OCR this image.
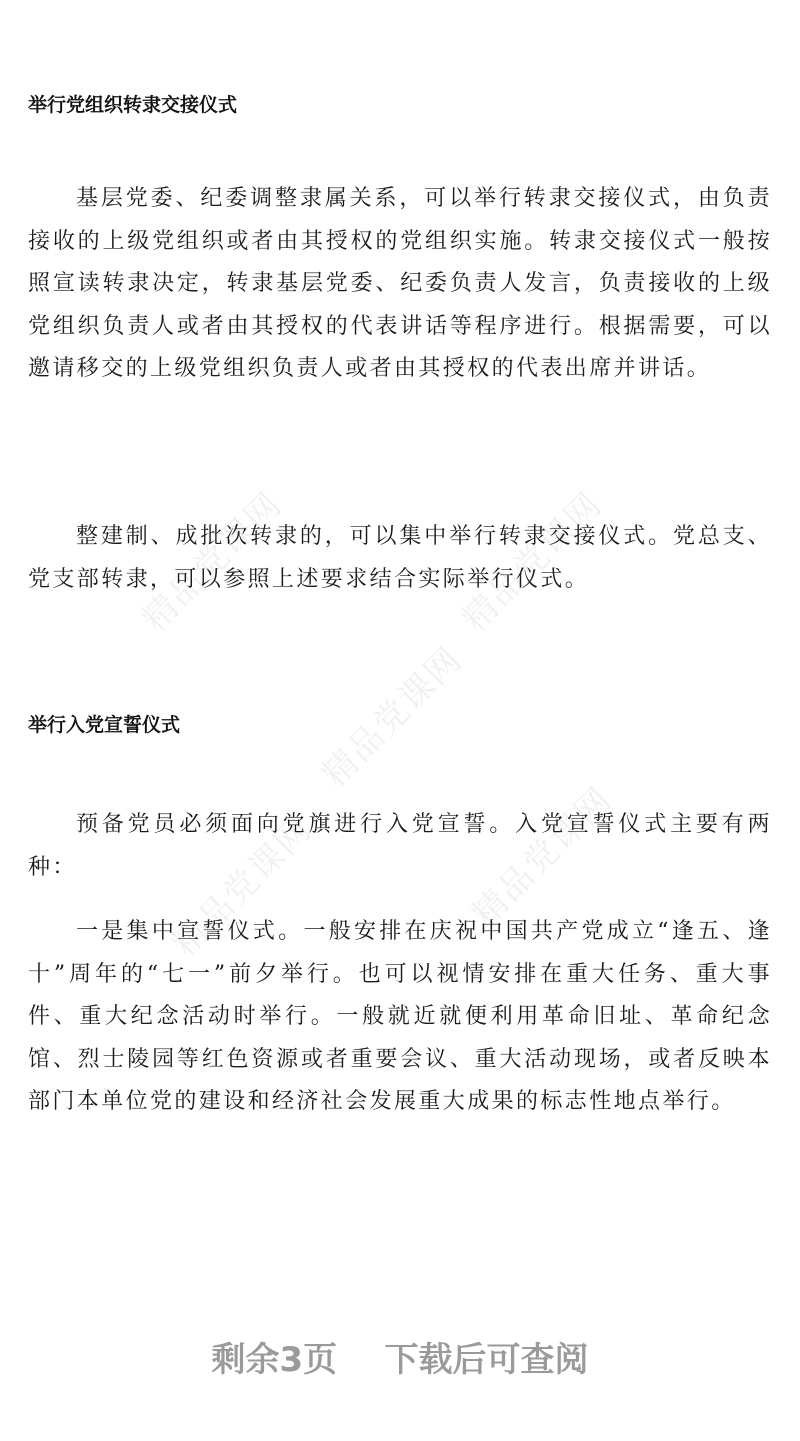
精品党课网	精品党课网
精品党课网
精品党课网	精品党课网
举行党组织转隶交接仪式

基层党委、纪委调整隶属关系，可以举行转隶交接仪式，由负责接收的上级党组织或者由其授权的党组织实施。转隶交接仪式一般按照宣读转隶决定，转隶基层党委、纪委负责人发言，负责接收的上级党组织负责人或者由其授权的代表讲话等程序进行。根据需要，可以邀请移交的上级党组织负责人或者由其授权的代表出席并讲话。

整建制、成批次转隶的，可以集中举行转隶交接仪式。党总支、党支部转隶，可以参照上述要求结合实际举行仪式。

举行入党宣誓仪式

预备党员必须面向党旗进行入党宣誓。入党宣誓仪式主要有两种：

一是集中宣誓仪式。一般安排在庆祝中国共产党成立“逢五、逢十”周年的“七一”前夕举行。也可以视情安排在重大任务、重大事件、重大纪念活动时举行。一般就近就便利用革命旧址、革命纪念馆、烈士陵园等红色资源或者重要会议、重大活动现场，或者反映本部门本单位党的建设和经济社会发展重大成果的标志性地点举行。

剩余3页    下载后可查阅
